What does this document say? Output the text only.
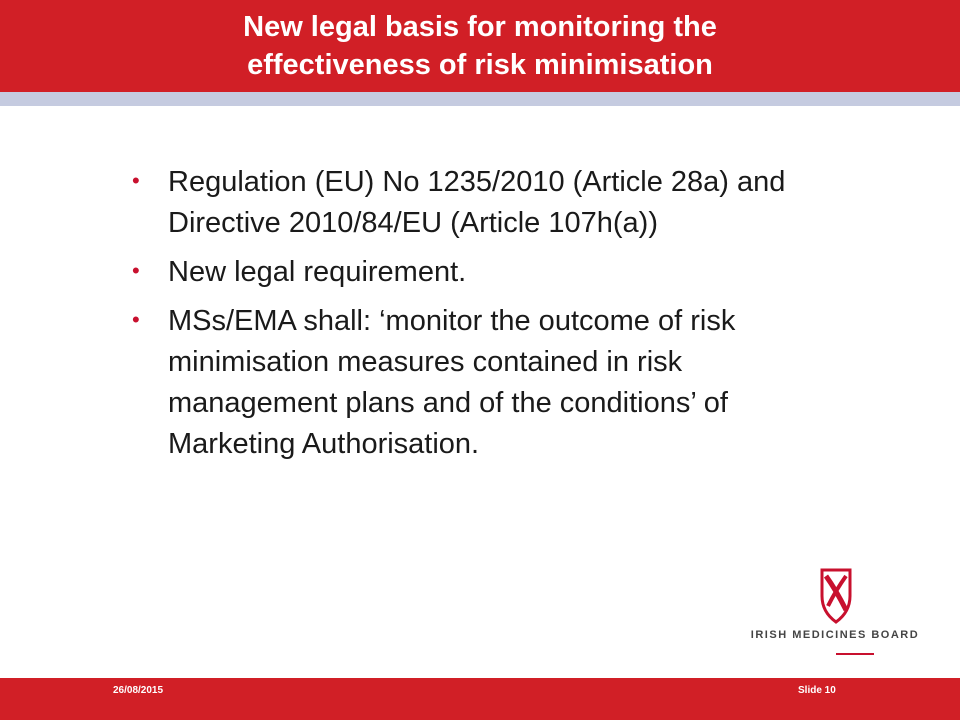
New legal basis for monitoring the
effectiveness of risk minimisation
• Regulation (EU) No 1235/2010 (Article 28a) and Directive 2010/84/EU (Article 107h(a))
• New legal requirement.
• MSs/EMA shall: ‘monitor the outcome of risk minimisation measures contained in risk management plans and of the conditions’ of Marketing Authorisation.
IRISH MEDICINES BOARD
26/08/2015	Slide 10
